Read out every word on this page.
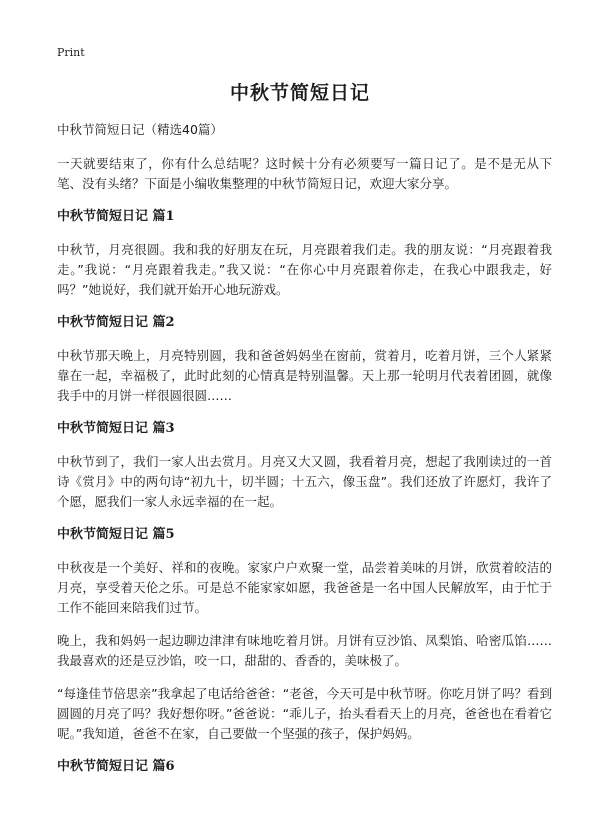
Print
中秋节简短日记

中秋节简短日记（精选40篇）

一天就要结束了，你有什么总结呢？这时候十分有必须要写一篇日记了。是不是无从下笔、没有头绪？下面是小编收集整理的中秋节简短日记，欢迎大家分享。

中秋节简短日记 篇1

中秋节，月亮很圆。我和我的好朋友在玩，月亮跟着我们走。我的朋友说：“月亮跟着我走。”我说：“月亮跟着我走。”我又说：“在你心中月亮跟着你走，在我心中跟我走，好吗？”她说好，我们就开始开心地玩游戏。

中秋节简短日记 篇2

中秋节那天晚上，月亮特别圆，我和爸爸妈妈坐在窗前，赏着月，吃着月饼，三个人紧紧靠在一起，幸福极了，此时此刻的心情真是特别温馨。天上那一轮明月代表着团圆，就像我手中的月饼一样很圆很圆……

中秋节简短日记 篇3

中秋节到了，我们一家人出去赏月。月亮又大又圆，我看着月亮，想起了我刚读过的一首诗《赏月》中的两句诗“初九十，切半圆；十五六，像玉盘”。我们还放了许愿灯，我许了个愿，愿我们一家人永远幸福的在一起。

中秋节简短日记 篇5

中秋夜是一个美好、祥和的夜晚。家家户户欢聚一堂，品尝着美味的月饼，欣赏着皎洁的月亮，享受着天伦之乐。可是总不能家家如愿，我爸爸是一名中国人民解放军，由于忙于工作不能回来陪我们过节。

晚上，我和妈妈一起边聊边津津有味地吃着月饼。月饼有豆沙馅、凤梨馅、哈密瓜馅……我最喜欢的还是豆沙馅，咬一口，甜甜的、香香的，美味极了。

“每逢佳节倍思亲”我拿起了电话给爸爸：“老爸，今天可是中秋节呀。你吃月饼了吗？看到圆圆的月亮了吗？我好想你呀。”爸爸说：“乖儿子，抬头看看天上的月亮，爸爸也在看着它呢。”我知道，爸爸不在家，自己要做一个坚强的孩子，保护妈妈。

中秋节简短日记 篇6
